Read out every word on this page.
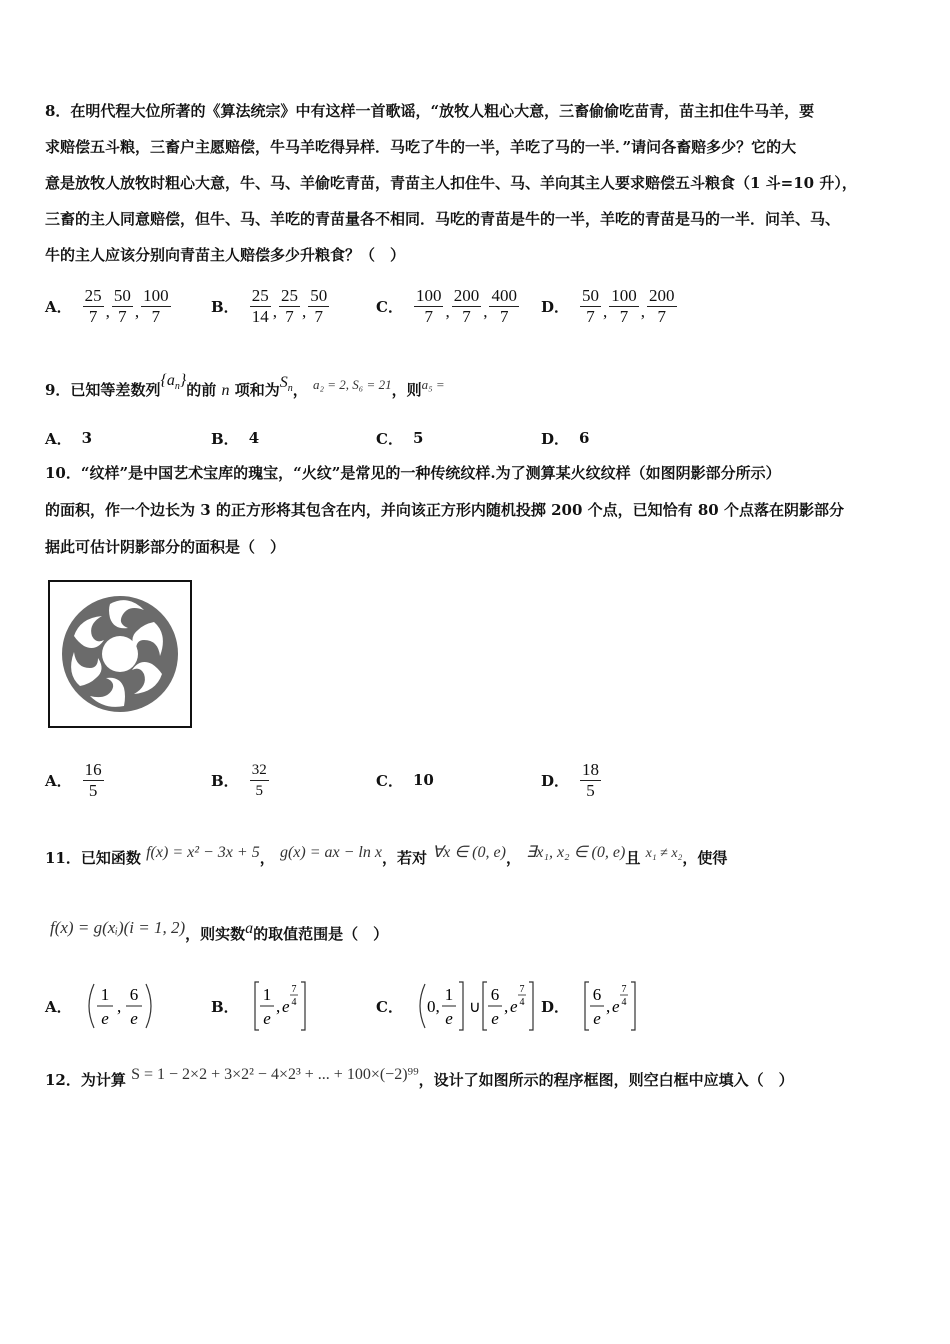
8．在明代程大位所著的《算法统宗》中有这样一首歌谣，“放牧人粗心大意，三畜偷偷吃苗青，苗主扣住牛马羊，要
求赔偿五斗粮，三畜户主愿赔偿，牛马羊吃得异样．马吃了牛的一半，羊吃了马的一半．”请问各畜赔多少？它的大
意是放牧人放牧时粗心大意，牛、马、羊偷吃青苗，青苗主人扣住牛、马、羊向其主人要求赔偿五斗粮食（1 斗=10 升），
三畜的主人同意赔偿，但牛、马、羊吃的青苗量各不相同．马吃的青苗是牛的一半，羊吃的青苗是马的一半．问羊、马、
牛的主人应该分别向青苗主人赔偿多少升粮食？（　）
A． $\frac{25}{7}$ , $\frac{50}{7}$ , $\frac{100}{7}$	B． $\frac{25}{14}$ , $\frac{25}{7}$ , $\frac{50}{7}$	C． $\frac{100}{7}$ , $\frac{200}{7}$ , $\frac{400}{7}$ D． $\frac{50}{7}$ , $\frac{100}{7}$ , $\frac{200}{7}$
9．已知等差数列$\{a_n\}$的前 n 项和为$S_n$， a₂ = 2, S₆ = 21，则a₅ =
A． 3	B． 4	C． 5	D． 6
10．“纹样”是中国艺术宝库的瑰宝，“火纹”是常见的一种传统纹样.为了测算某火纹纹样（如图阴影部分所示）
的面积，作一个边长为 3 的正方形将其包含在内，并向该正方形内随机投掷 200 个点，已知恰有 80 个点落在阴影部分
据此可估计阴影部分的面积是（　）
A． $\frac{16}{5}$	B． $\frac{32}{5}$	C． 10	D． $\frac{18}{5}$
11．已知函数 f(x) = x² − 3x + 5， g(x) = ax − ln x，若对 ∀x ∈ (0, e)， ∃x₁, x₂ ∈ (0, e)且 x₁ ≠ x₂，使得
f(x) = g(xᵢ)(i = 1, 2)，则实数a的取值范围是（　）
A．
1
e
,
6
e
B．
1
e
, e
7
4	C． 0,
1
e
∪
6
e
, e
7
4 D．
6
e
, e
7
4
12．为计算 S = 1 − 2×2 + 3×2² − 4×2³ + ... + 100×(−2)⁹⁹，设计了如图所示的程序框图，则空白框中应填入（　）
